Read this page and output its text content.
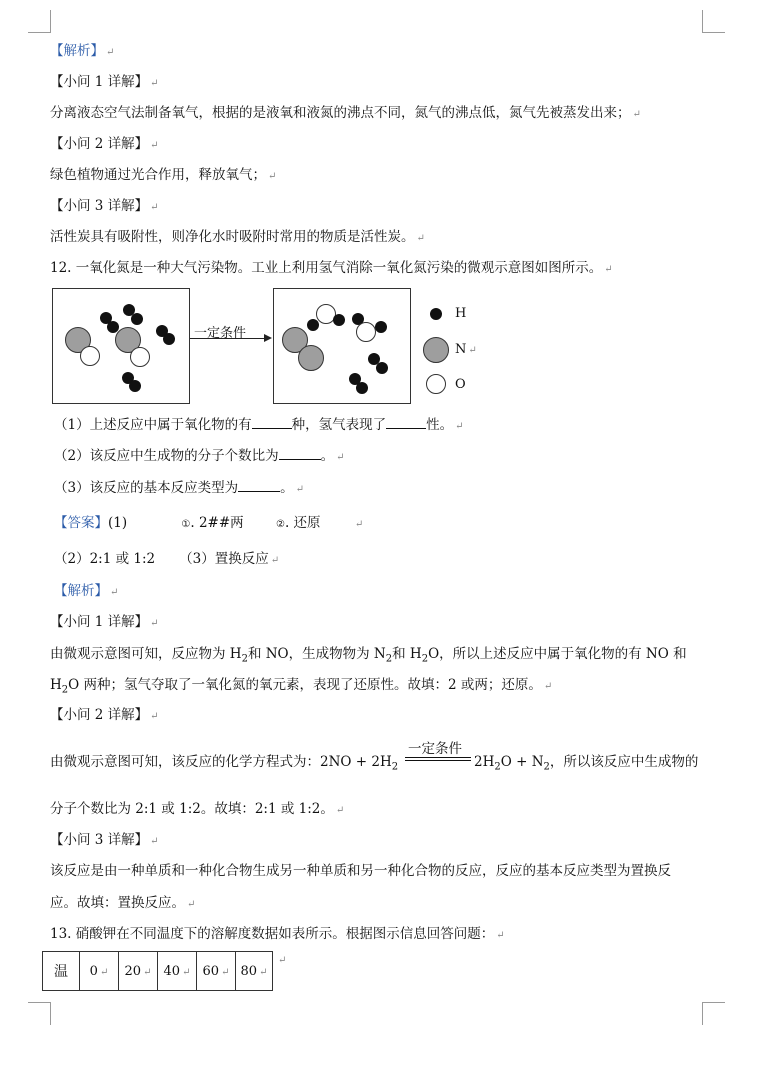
【解析】 ↵
【小问 1 详解】 ↵
分离液态空气法制备氧气，根据的是液氧和液氮的沸点不同，氮气的沸点低，氮气先被蒸发出来； ↵
【小问 2 详解】 ↵
绿色植物通过光合作用，释放氧气； ↵
【小问 3 详解】 ↵
活性炭具有吸附性，则净化水时吸附时常用的物质是活性炭。 ↵
12. 一氧化氮是一种大气污染物。工业上利用氢气消除一氧化氮污染的微观示意图如图所示。 ↵
一定条件
H
N ↵
O
（1）上述反应中属于氧化物的有	种，氢气表现了	性。 ↵
（2）该反应中生成物的分子个数比为	。 ↵
（3）该反应的基本反应类型为	。 ↵
【答案】(1)	①. 2##两	②. 还原	↵
（2）2:1 或 1:2 （3）置换反应 ↵
【解析】 ↵
【小问 1 详解】 ↵
由微观示意图可知，反应物为 $H_2$和 NO，生成物物为 $N_2$和 $H_2O$，所以上述反应中属于氧化物的有 NO 和
$H_2O$ 两种；氢气夺取了一氧化氮的氧元素，表现了还原性。故填：2 或两；还原。 ↵
【小问 2 详解】 ↵
由微观示意图可知，该反应的化学方程式为：$2NO + 2H_2$
一定条件
$2H_2O + N_2$，所以该反应中生成物的
分子个数比为 2:1 或 1:2。故填：2:1 或 1:2。 ↵
【小问 3 详解】 ↵
该反应是由一种单质和一种化合物生成另一种单质和另一种化合物的反应，反应的基本反应类型为置换反
应。故填：置换反应。 ↵
13. 硝酸钾在不同温度下的溶解度数据如表所示。根据图示信息回答问题： ↵
温	0 ↵	20 ↵	40 ↵	60 ↵	80 ↵
↵
